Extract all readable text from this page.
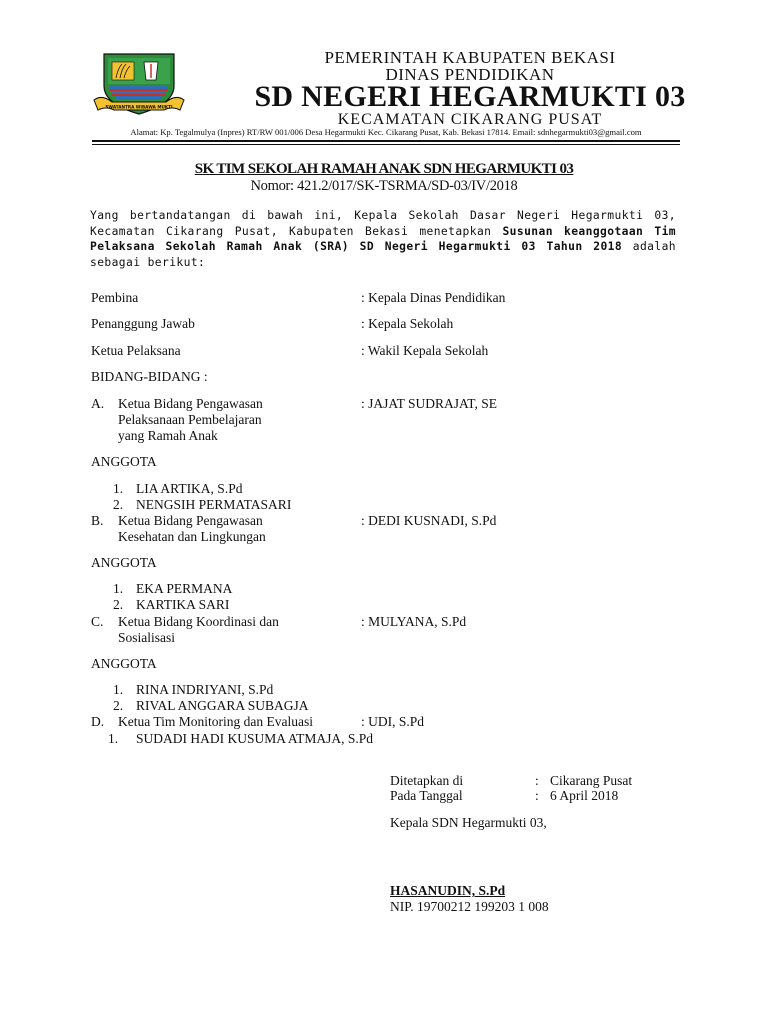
SWATANTRA WIBAWA MUKTI
PEMERINTAH KABUPATEN BEKASI
DINAS PENDIDIKAN
SD NEGERI HEGARMUKTI 03
KECAMATAN CIKARANG PUSAT
Alamat: Kp. Tegalmulya (Inpres) RT/RW 001/006 Desa Hegarmukti Kec. Cikarang Pusat, Kab. Bekasi 17814. Email: sdnhegarmukti03@gmail.com
SK TIM SEKOLAH RAMAH ANAK SDN HEGARMUKTI 03
Nomor: 421.2/017/SK-TSRMA/SD-03/IV/2018
Yang bertandatangan di bawah ini, Kepala Sekolah Dasar Negeri Hegarmukti 03, Kecamatan Cikarang Pusat, Kabupaten Bekasi menetapkan Susunan keanggotaan Tim Pelaksana Sekolah Ramah Anak (SRA) SD Negeri Hegarmukti 03 Tahun 2018 adalah sebagai berikut:
Pembina	: Kepala Dinas Pendidikan
Penanggung Jawab	: Kepala Sekolah
Ketua Pelaksana	: Wakil Kepala Sekolah
BIDANG-BIDANG :
A. Ketua Bidang Pengawasan
Pelaksanaan Pembelajaran
yang Ramah Anak
: JAJAT SUDRAJAT, SE
ANGGOTA
1. LIA ARTIKA, S.Pd
2. NENGSIH PERMATASARI
B. Ketua Bidang Pengawasan
Kesehatan dan Lingkungan
: DEDI KUSNADI, S.Pd
ANGGOTA
1. EKA PERMANA
2. KARTIKA SARI
C. Ketua Bidang Koordinasi dan
Sosialisasi
: MULYANA, S.Pd
ANGGOTA
1. RINA INDRIYANI, S.Pd
2. RIVAL ANGGARA SUBAGJA
D. Ketua Tim Monitoring dan Evaluasi	: UDI, S.Pd
1. SUDADI HADI KUSUMA ATMAJA, S.Pd
Ditetapkan di	: Cikarang Pusat
Pada Tanggal	: 6 April 2018
Kepala SDN Hegarmukti 03,
HASANUDIN, S.Pd
NIP. 19700212 199203 1 008
